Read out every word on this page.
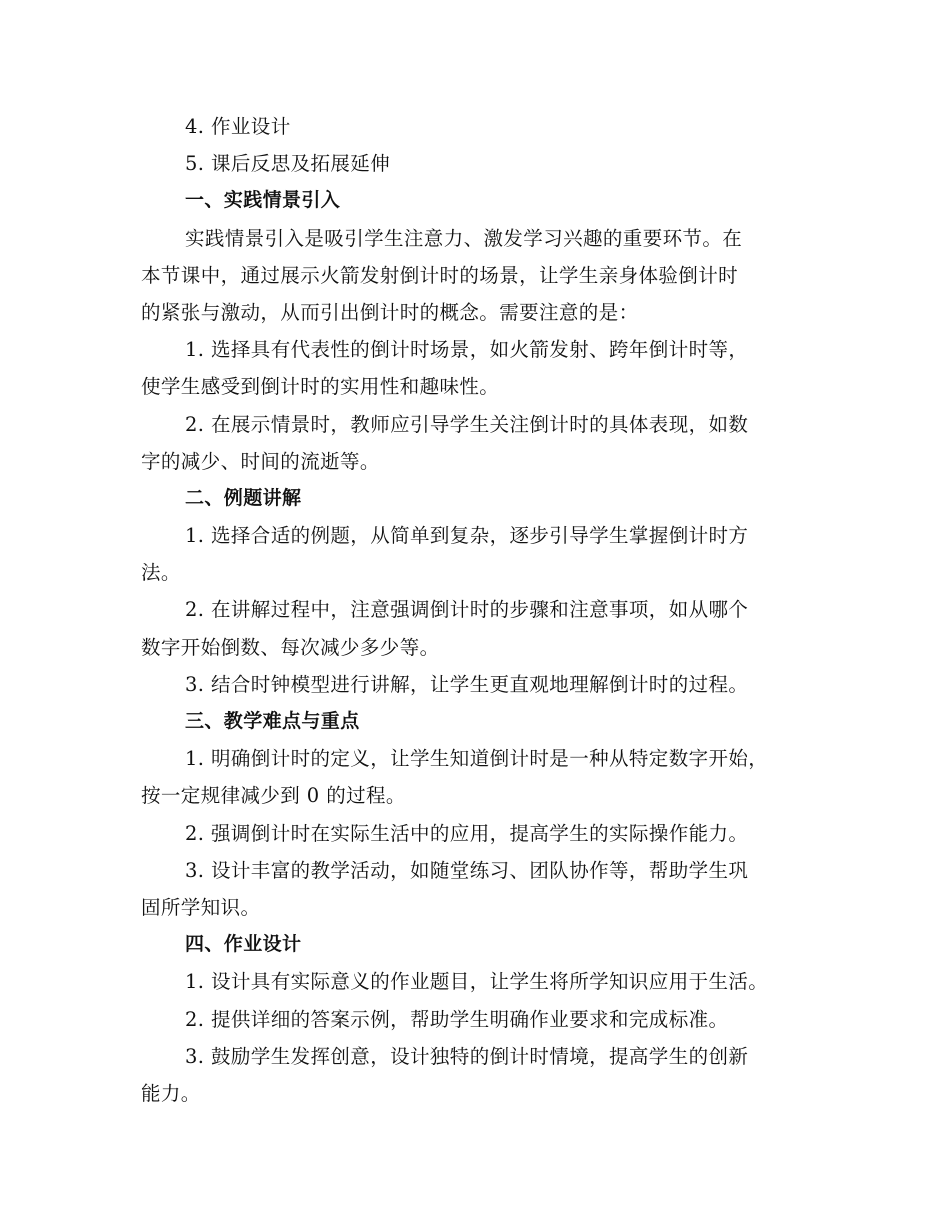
4. 作业设计
5. 课后反思及拓展延伸
一、实践情景引入
实践情景引入是吸引学生注意力、激发学习兴趣的重要环节。在
本节课中，通过展示火箭发射倒计时的场景，让学生亲身体验倒计时
的紧张与激动，从而引出倒计时的概念。需要注意的是：
1. 选择具有代表性的倒计时场景，如火箭发射、跨年倒计时等，
使学生感受到倒计时的实用性和趣味性。
2. 在展示情景时，教师应引导学生关注倒计时的具体表现，如数
字的减少、时间的流逝等。
二、例题讲解
1. 选择合适的例题，从简单到复杂，逐步引导学生掌握倒计时方
法。
2. 在讲解过程中，注意强调倒计时的步骤和注意事项，如从哪个
数字开始倒数、每次减少多少等。
3. 结合时钟模型进行讲解，让学生更直观地理解倒计时的过程。
三、教学难点与重点
1. 明确倒计时的定义，让学生知道倒计时是一种从特定数字开始，
按一定规律减少到 0 的过程。
2. 强调倒计时在实际生活中的应用，提高学生的实际操作能力。
3. 设计丰富的教学活动，如随堂练习、团队协作等，帮助学生巩
固所学知识。
四、作业设计
1. 设计具有实际意义的作业题目，让学生将所学知识应用于生活。
2. 提供详细的答案示例，帮助学生明确作业要求和完成标准。
3. 鼓励学生发挥创意，设计独特的倒计时情境，提高学生的创新
能力。
